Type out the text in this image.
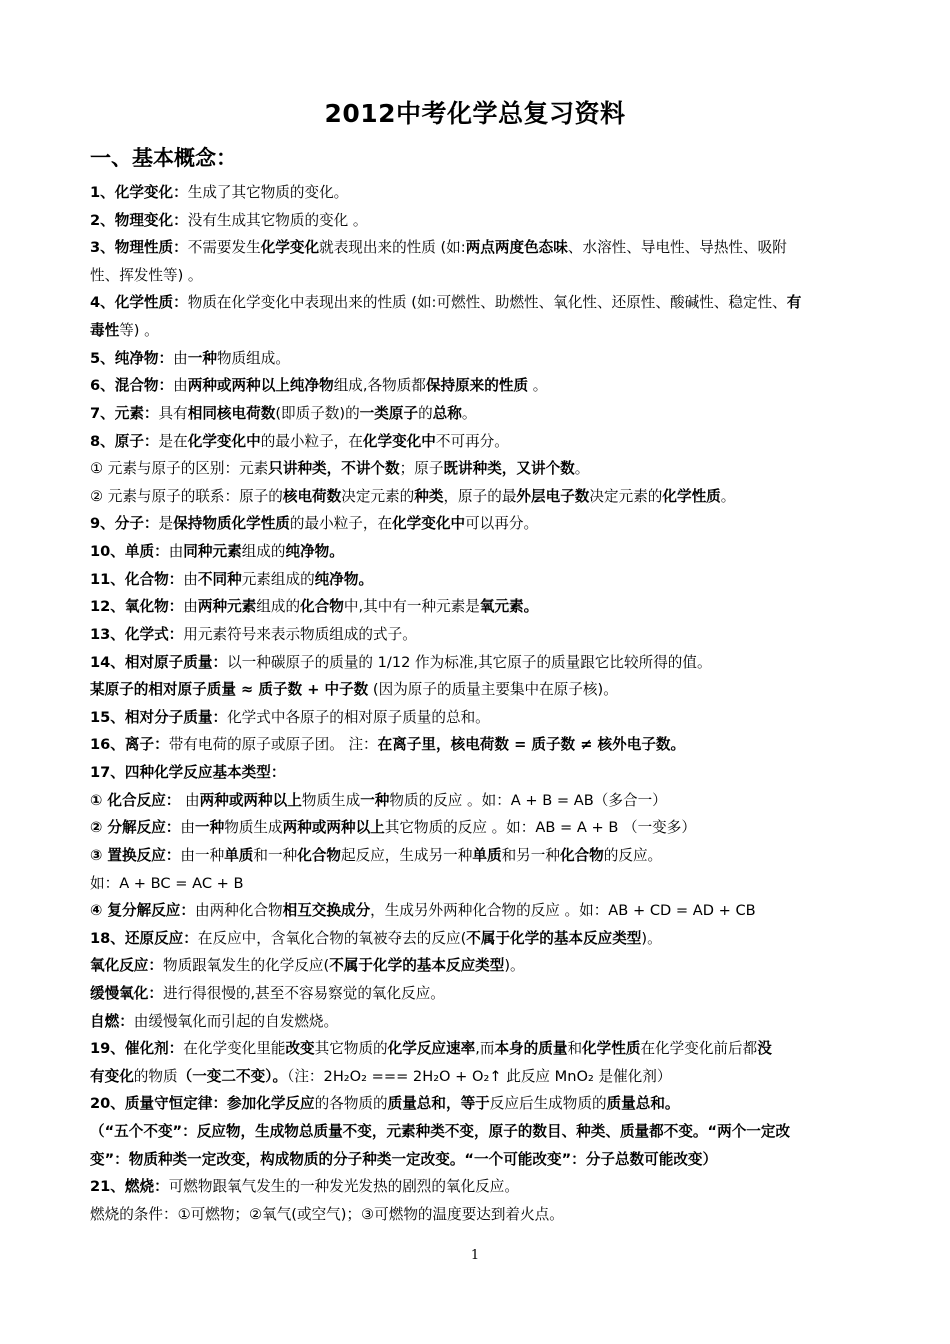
2012中考化学总复习资料
一、基本概念：
1、化学变化：生成了其它物质的变化。
2、物理变化：没有生成其它物质的变化 。
3、物理性质：不需要发生化学变化就表现出来的性质 (如:两点两度色态味、水溶性、导电性、导热性、吸附
性、挥发性等) 。
4、化学性质：物质在化学变化中表现出来的性质 (如:可燃性、助燃性、氧化性、还原性、酸碱性、稳定性、有
毒性等) 。
5、纯净物：由一种物质组成。
6、混合物：由两种或两种以上纯净物组成,各物质都保持原来的性质 。
7、元素：具有相同核电荷数(即质子数)的一类原子的总称。
8、原子：是在化学变化中的最小粒子，在化学变化中不可再分。
① 元素与原子的区别：元素只讲种类，不讲个数；原子既讲种类，又讲个数。
② 元素与原子的联系：原子的核电荷数决定元素的种类，原子的最外层电子数决定元素的化学性质。
9、分子：是保持物质化学性质的最小粒子，在化学变化中可以再分。
10、单质：由同种元素组成的纯净物。
11、化合物：由不同种元素组成的纯净物。
12、氧化物：由两种元素组成的化合物中,其中有一种元素是氧元素。
13、化学式：用元素符号来表示物质组成的式子。
14、相对原子质量：以一种碳原子的质量的 1/12 作为标准,其它原子的质量跟它比较所得的值。
某原子的相对原子质量 ≈ 质子数 + 中子数 (因为原子的质量主要集中在原子核)。
15、相对分子质量：化学式中各原子的相对原子质量的总和。
16、离子：带有电荷的原子或原子团。 注：在离子里，核电荷数 = 质子数 ≠ 核外电子数。
17、四种化学反应基本类型：
① 化合反应： 由两种或两种以上物质生成一种物质的反应 。如：A + B = AB（多合一）
② 分解反应：由一种物质生成两种或两种以上其它物质的反应 。如：AB = A + B （一变多）
③ 置换反应：由一种单质和一种化合物起反应，生成另一种单质和另一种化合物的反应。
如：A + BC = AC + B
④ 复分解反应：由两种化合物相互交换成分，生成另外两种化合物的反应 。如：AB + CD = AD + CB
18、还原反应：在反应中，含氧化合物的氧被夺去的反应(不属于化学的基本反应类型)。
氧化反应：物质跟氧发生的化学反应(不属于化学的基本反应类型)。
缓慢氧化：进行得很慢的,甚至不容易察觉的氧化反应。
自燃：由缓慢氧化而引起的自发燃烧。
19、催化剂：在化学变化里能改变其它物质的化学反应速率,而本身的质量和化学性质在化学变化前后都没
有变化的物质（一变二不变）。（注：2H₂O₂ === 2H₂O + O₂↑ 此反应 MnO₂ 是催化剂）
20、质量守恒定律：参加化学反应的各物质的质量总和，等于反应后生成物质的质量总和。
（“五个不变”：反应物，生成物总质量不变，元素种类不变，原子的数目、种类、质量都不变。“两个一定改
变”：物质种类一定改变，构成物质的分子种类一定改变。“一个可能改变”：分子总数可能改变）
21、燃烧：可燃物跟氧气发生的一种发光发热的剧烈的氧化反应。
燃烧的条件：①可燃物；②氧气(或空气)；③可燃物的温度要达到着火点。
1
